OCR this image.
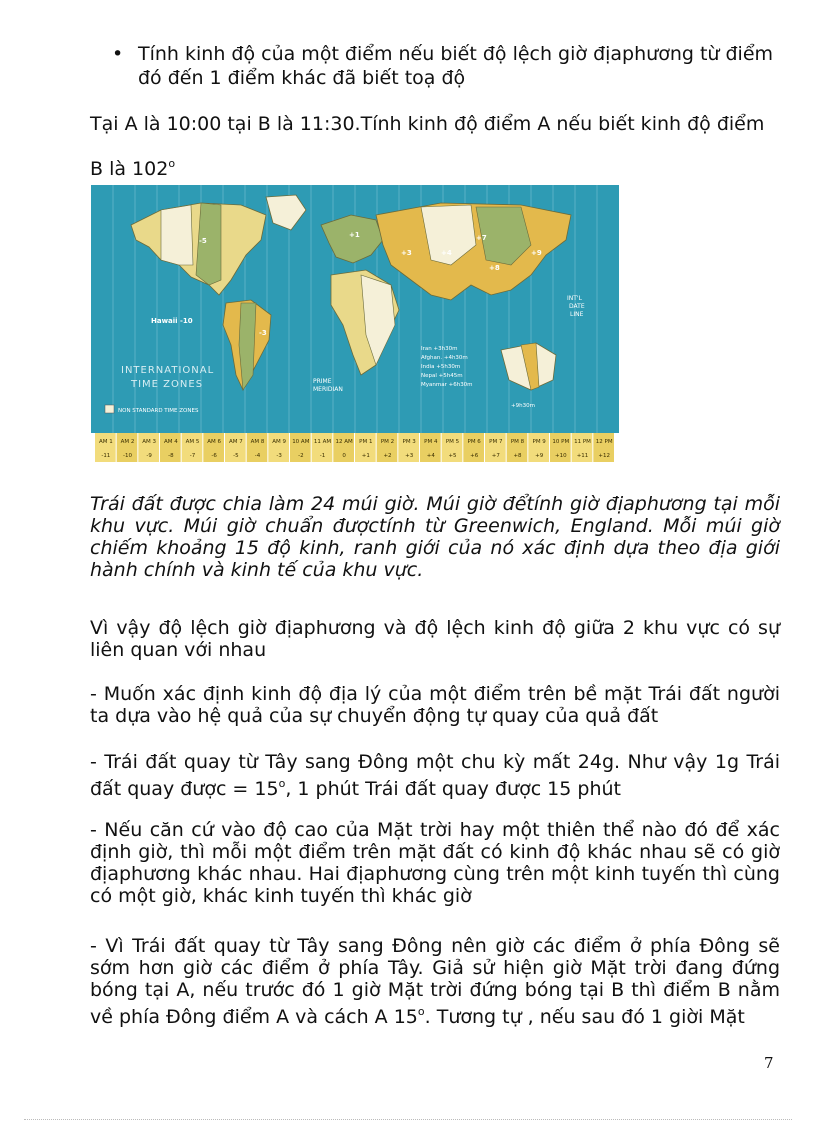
• Tính kinh độ của một điểm nếu biết độ lệch giờ địaphương từ điểm đó đến 1 điểm khác đã biết toạ độ
Tại A là 10:00 tại B là 11:30.Tính kinh độ điểm A nếu biết kinh độ điểm
B là 102$^o$
Hawaii -10
-5
+1
+3	+4
+7
+8
+9
-3
INTERNATIONAL
TIME ZONES	PRIME
MERIDIAN
INT'L
DATE
LINE
Iran +3h30m
Afghan. +4h30m
India +5h30m
Nepal +5h45m
Myanmar +6h30m
+9h30m
NON STANDARD TIME ZONES
AM 1
-11
AM 2
-10
AM 3
-9
AM 4
-8
AM 5
-7
AM 6
-6
AM 7
-5
AM 8
-4
AM 9
-3
10 AM
-2
11 AM
-1
12 AM
0
PM 1
+1
PM 2
+2
PM 3
+3
PM 4
+4
PM 5
+5
PM 6
+6
PM 7
+7
PM 8
+8
PM 9
+9
10 PM
+10
11 PM
+11
12 PM
+12
Trái đất được chia làm 24 múi giờ. Múi giờ đểtính giờ địaphương tại mỗi khu vực. Múi giờ chuẩn đượctính từ Greenwich, England. Mỗi múi giờ chiếm khoảng 15 độ kinh, ranh giới của nó xác định dựa theo địa giới hành chính và kinh tế của khu vực.
Vì vậy độ lệch giờ địaphương và độ lệch kinh độ giữa 2 khu vực có sự liên quan với nhau
- Muốn xác định kinh độ địa lý của một điểm trên bề mặt Trái đất người ta dựa vào hệ quả của sự chuyển động tự quay của quả đất
- Trái đất quay từ Tây sang Đông một chu kỳ mất 24g. Như vậy 1g Trái đất quay được = $15^o$, 1 phút Trái đất quay được 15 phút
- Nếu căn cứ vào độ cao của Mặt trời hay một thiên thể nào đó để xác định giờ, thì mỗi một điểm trên mặt đất có kinh độ khác nhau sẽ có giờ địaphương khác nhau. Hai địaphương cùng trên một kinh tuyến thì cùng có một giờ, khác kinh tuyến thì khác giờ
- Vì Trái đất quay từ Tây sang Đông nên giờ các điểm ở phía Đông sẽ sớm hơn giờ các điểm ở phía Tây. Giả sử hiện giờ Mặt trời đang đứng bóng tại A, nếu trước đó 1 giờ Mặt trời đứng bóng tại B thì điểm B nằm về phía Đông điểm A và cách A 15$^o$. Tương tự , nếu sau đó 1 giời Mặt
7
